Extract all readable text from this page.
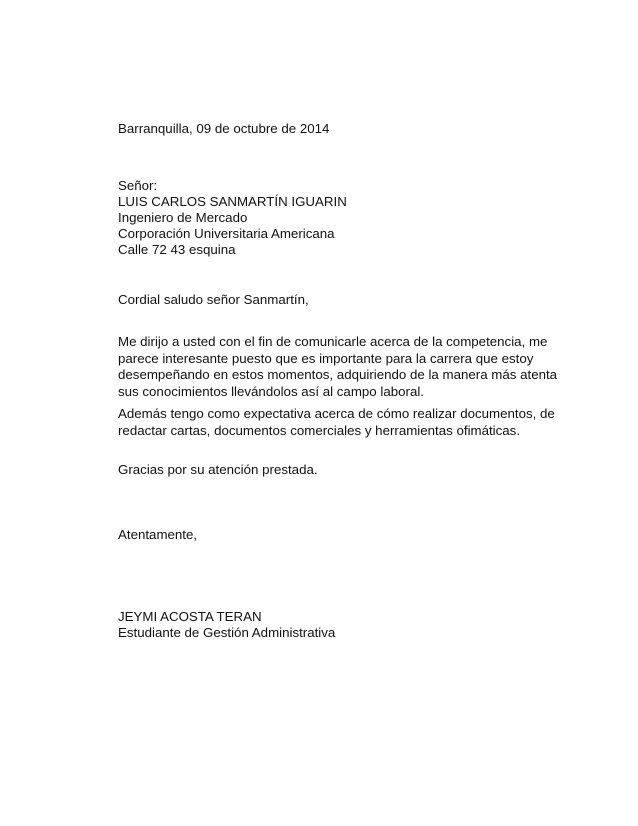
Barranquilla, 09 de octubre de 2014
Señor:
LUIS CARLOS SANMARTÍN IGUARIN
Ingeniero de Mercado
Corporación Universitaria Americana
Calle 72 43 esquina
Cordial saludo señor Sanmartín,
Me dirijo a usted con el fin de comunicarle acerca de la competencia, me
parece interesante puesto que es importante para la carrera que estoy
desempeñando en estos momentos, adquiriendo de la manera más atenta
sus conocimientos llevándolos así al campo laboral.
Además tengo como expectativa acerca de cómo realizar documentos, de
redactar cartas, documentos comerciales y herramientas ofimáticas.
Gracias por su atención prestada.
Atentamente,
JEYMI ACOSTA TERAN
Estudiante de Gestión Administrativa
